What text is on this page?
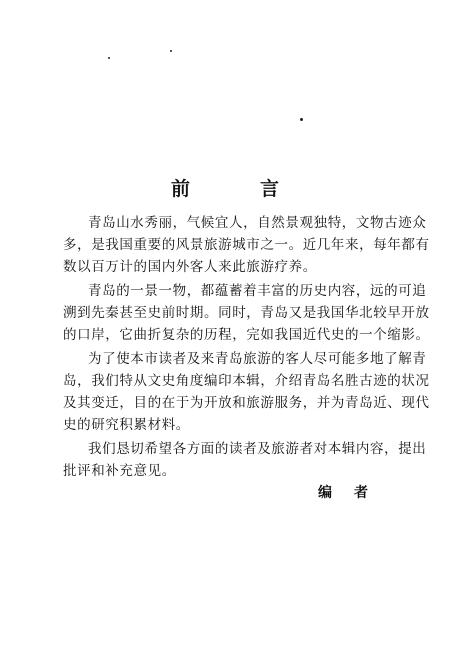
前	言
青岛山水秀丽，气候宜人，自然景观独特，文物古迹众
多，是我国重要的风景旅游城市之一。近几年来，每年都有
数以百万计的国内外客人来此旅游疗养。
青岛的一景一物，都蕴蓄着丰富的历史内容，远的可追
溯到先秦甚至史前时期。同时，青岛又是我国华北较早开放
的口岸，它曲折复杂的历程，完如我国近代史的一个缩影。
为了使本市读者及来青岛旅游的客人尽可能多地了解青
岛，我们特从文史角度编印本辑，介绍青岛名胜古迹的状况
及其变迁，目的在于为开放和旅游服务，并为青岛近、现代
史的研究积累材料。
我们恳切希望各方面的读者及旅游者对本辑内容，提出
批评和补充意见。
编 者
